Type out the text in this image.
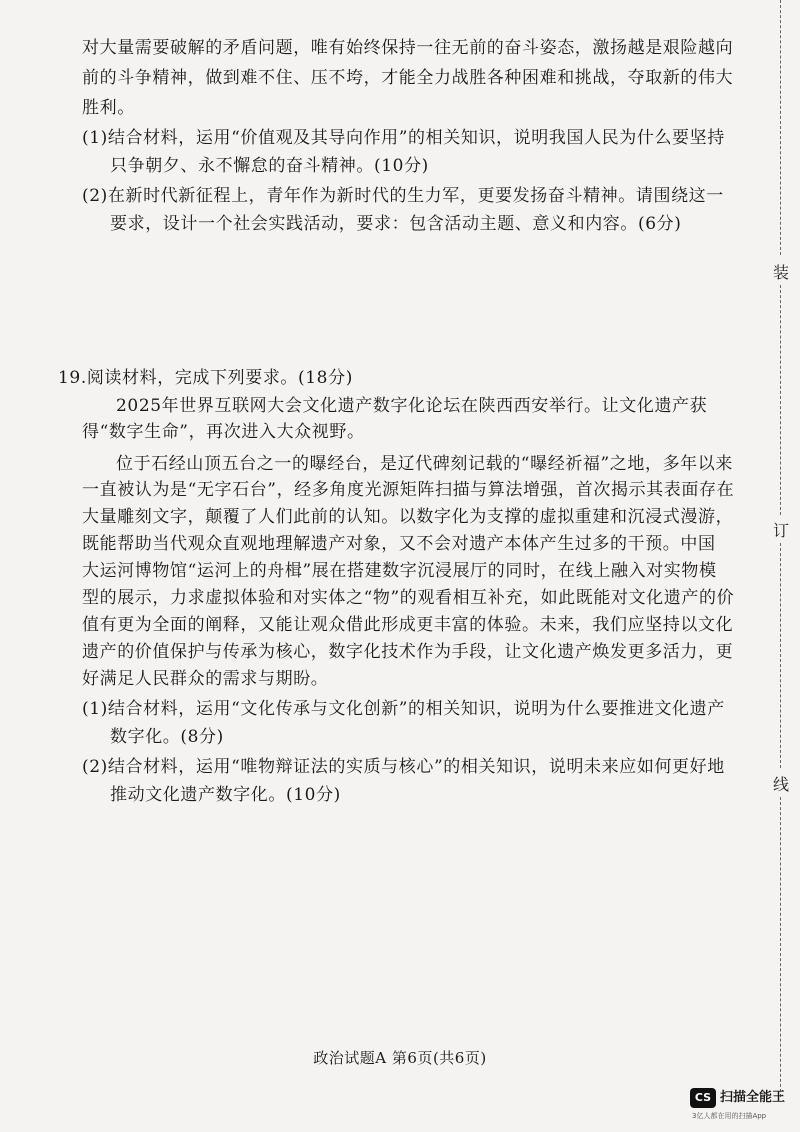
对大量需要破解的矛盾问题，唯有始终保持一往无前的奋斗姿态，激扬越是艰险越向
前的斗争精神，做到难不住、压不垮，才能全力战胜各种困难和挑战，夺取新的伟大
胜利。
(1)结合材料，运用“价值观及其导向作用”的相关知识，说明我国人民为什么要坚持
只争朝夕、永不懈怠的奋斗精神。(10分)
(2)在新时代新征程上，青年作为新时代的生力军，更要发扬奋斗精神。请围绕这一
要求，设计一个社会实践活动，要求：包含活动主题、意义和内容。(6分)
19.阅读材料，完成下列要求。(18分)
2025年世界互联网大会文化遗产数字化论坛在陕西西安举行。让文化遗产获
得“数字生命”，再次进入大众视野。
位于石经山顶五台之一的曝经台，是辽代碑刻记载的“曝经祈福”之地，多年以来
一直被认为是“无字石台”，经多角度光源矩阵扫描与算法增强，首次揭示其表面存在
大量雕刻文字，颠覆了人们此前的认知。以数字化为支撑的虚拟重建和沉浸式漫游，
既能帮助当代观众直观地理解遗产对象，又不会对遗产本体产生过多的干预。中国
大运河博物馆“运河上的舟楫”展在搭建数字沉浸展厅的同时，在线上融入对实物模
型的展示，力求虚拟体验和对实体之“物”的观看相互补充，如此既能对文化遗产的价
值有更为全面的阐释，又能让观众借此形成更丰富的体验。未来，我们应坚持以文化
遗产的价值保护与传承为核心，数字化技术作为手段，让文化遗产焕发更多活力，更
好满足人民群众的需求与期盼。
(1)结合材料，运用“文化传承与文化创新”的相关知识，说明为什么要推进文化遗产
数字化。(8分)
(2)结合材料，运用“唯物辩证法的实质与核心”的相关知识，说明未来应如何更好地
推动文化遗产数字化。(10分)
装
订
线
政治试题A 第6页(共6页)
CS 扫描全能王
3亿人都在用的扫描App
